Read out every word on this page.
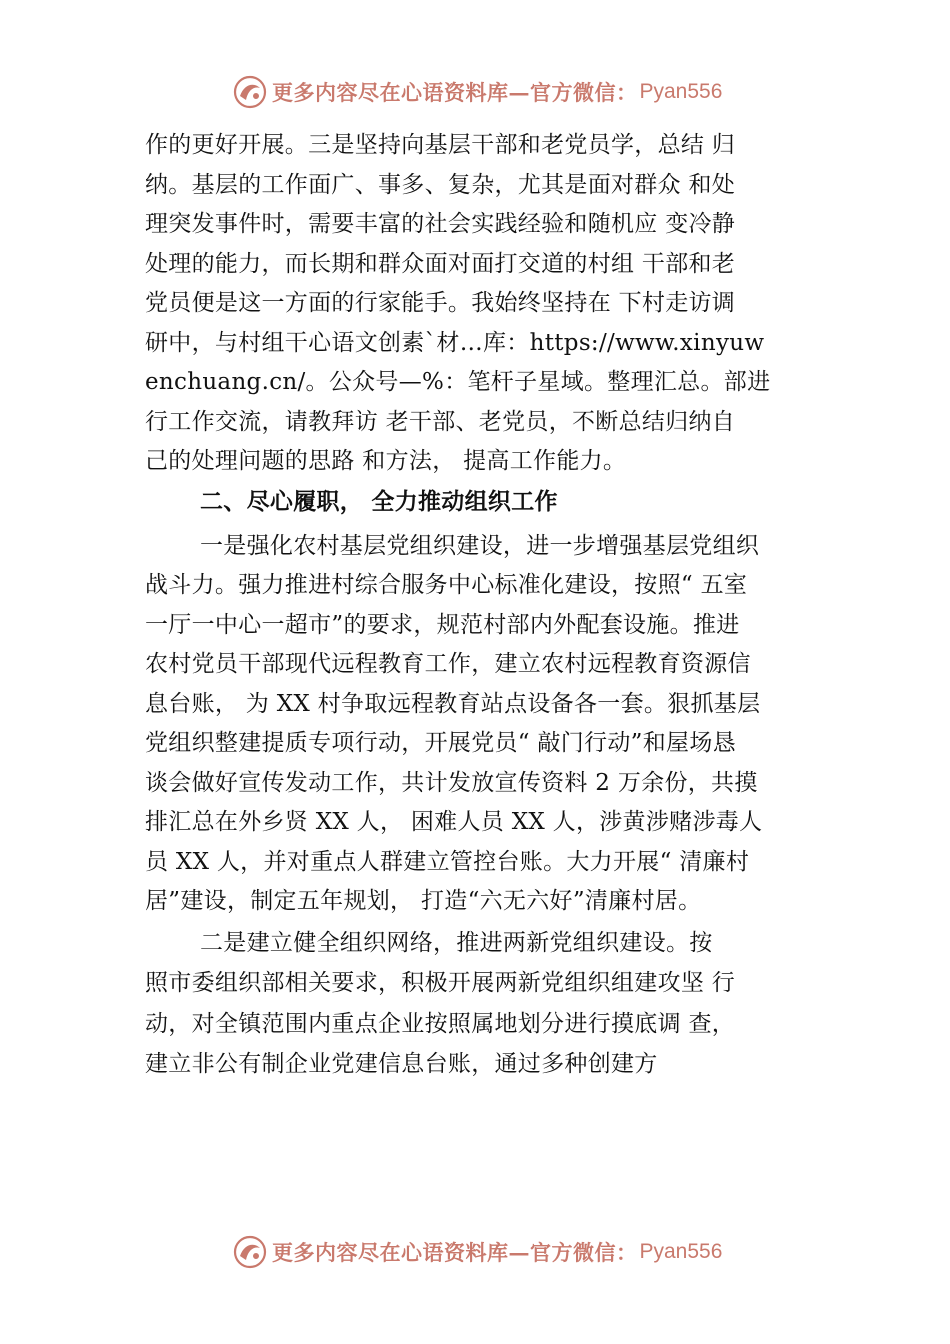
更多内容尽在心语资料库—官方微信： Pyan556
作的更好开展。三是坚持向基层干部和老党员学，总结 归
纳。基层的工作面广、事多、复杂，尤其是面对群众 和处
理突发事件时，需要丰富的社会实践经验和随机应 变冷静
处理的能力，而长期和群众面对面打交道的村组 干部和老
党员便是这一方面的行家能手。我始终坚持在 下村走访调
研中，与村组干心语文创素`材…库：https://www.xinyuw
enchuang.cn/。公众号—%：笔杆子星域。整理汇总。部进
行工作交流，请教拜访 老干部、老党员，不断总结归纳自
己的处理问题的思路 和方法， 提高工作能力。
二、尽心履职， 全力推动组织工作
一是强化农村基层党组织建设，进一步增强基层党组织
战斗力。强力推进村综合服务中心标准化建设，按照“ 五室
一厅一中心一超市”的要求，规范村部内外配套设施。推进
农村党员干部现代远程教育工作，建立农村远程教育资源信
息台账， 为 XX 村争取远程教育站点设备各一套。狠抓基层
党组织整建提质专项行动，开展党员“ 敲门行动”和屋场恳
谈会做好宣传发动工作，共计发放宣传资料 2 万余份，共摸
排汇总在外乡贤 XX 人， 困难人员 XX 人，涉黄涉赌涉毒人
员 XX 人，并对重点人群建立管控台账。大力开展“ 清廉村
居”建设，制定五年规划， 打造“六无六好”清廉村居。
二是建立健全组织网络，推进两新党组织建设。按
照市委组织部相关要求，积极开展两新党组织组建攻坚 行
动，对全镇范围内重点企业按照属地划分进行摸底调 查，
建立非公有制企业党建信息台账，通过多种创建方
更多内容尽在心语资料库—官方微信： Pyan556
